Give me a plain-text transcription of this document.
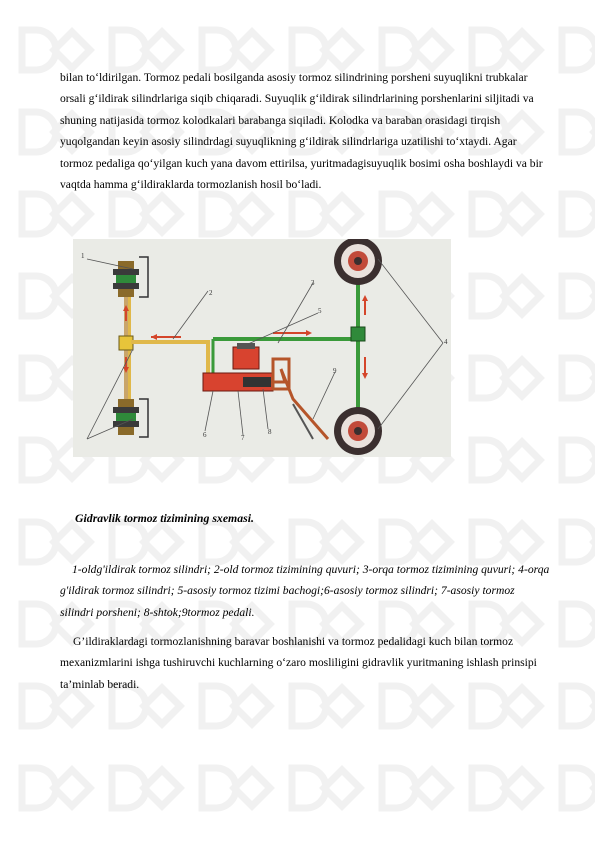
bilan to‘ldirilgan. Tormoz pedali bosilganda asosiy tormoz silindrining porsheni suyuqlikni trubkalar orsali g‘ildirak silindrlariga siqib chiqaradi. Suyuqlik g‘ildirak silindrlarining porshenlarini siljitadi va shuning natijasida tormoz kolodkalari barabanga siqiladi. Kolodka va baraban orasidagi tirqish yuqolgandan keyin asosiy silindrdagi suyuqlikning g‘ildirak silindrlariga uzatilishi to‘xtaydi. Agar tormoz pedaliga qo‘yilgan kuch yana davom ettirilsa, yuritmadagisuyuqlik bosimi osha boshlaydi va bir vaqtda hamma g‘ildiraklarda tormozlanish hosil bo‘ladi.

1
2
3
5
4
9
6	7
8

Gidravlik tormoz tizimining sxemasi.

1-oldg'ildirak tormoz silindri; 2-old tormoz tizimining quvuri; 3-orqa tormoz tizimining quvuri; 4-orqa g'ildirak tormoz silindri; 5-asosiy tormoz tizimi bachogi;6-asosiy tormoz silindri; 7-asosiy tormoz silindri porsheni; 8-shtok;9tormoz pedali.

G’ildiraklardagi tormozlanishning baravar boshlanishi va tormoz pedalidagi kuch bilan tormoz mexanizmlarini ishga tushiruvchi kuchlarning o‘zaro mosliligini gidravlik yuritmaning ishlash prinsipi ta’minlab beradi.
